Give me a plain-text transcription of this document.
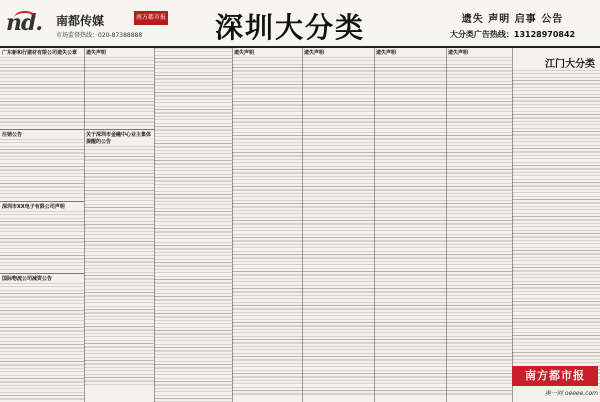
nd. 南都传媒	南方都市报
市场监督热线：020-87388888	深圳大分类	遗失 声明 启事 公告
大分类广告热线：13128970842
广东新和行建材有限公司遗失公章
注销公告
深圳市XX电子有限公司声明
国际物流公司减资公告
遗失声明
关于深圳市金融中心业主集体提醒的公告
遗失声明	遗失声明	遗失声明	遗失声明
江门大分类
南方都市报
奥一网 oeeee.com
